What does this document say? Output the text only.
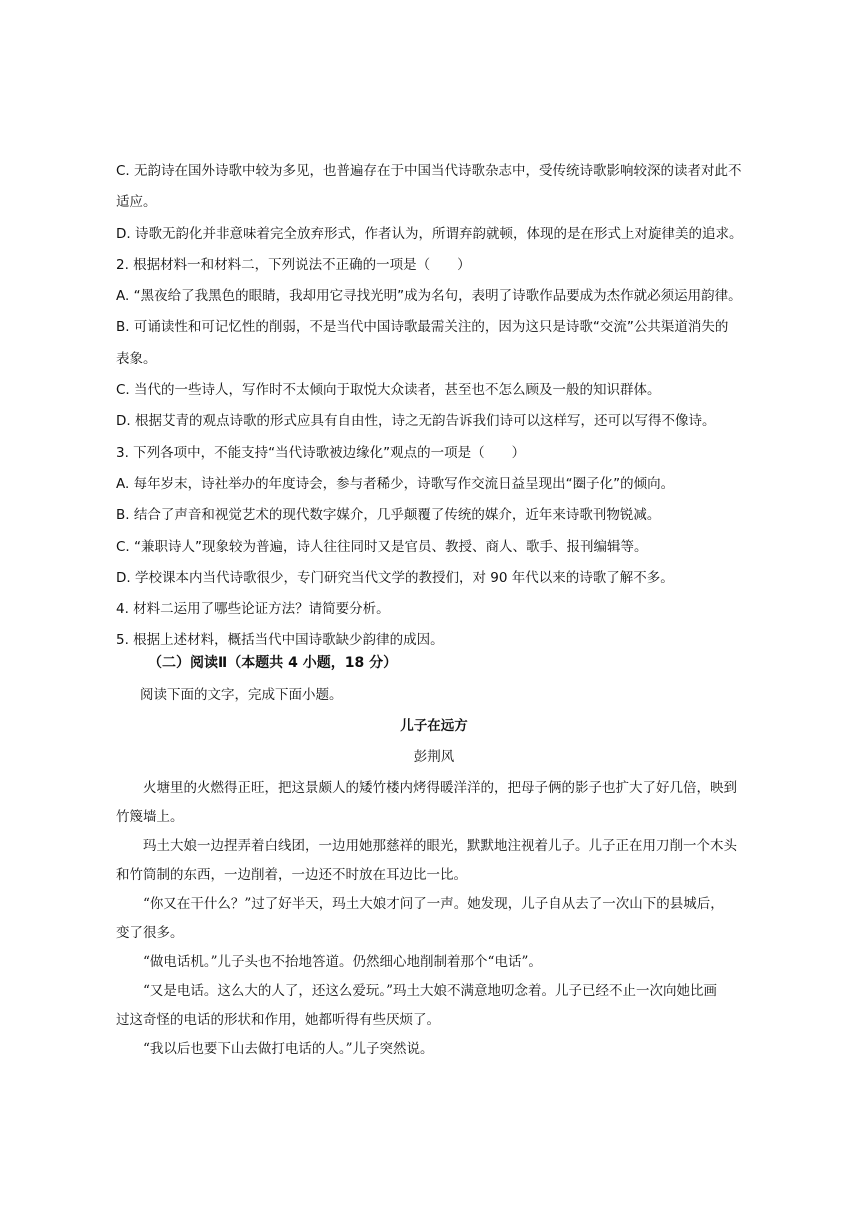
C. 无韵诗在国外诗歌中较为多见，也普遍存在于中国当代诗歌杂志中，受传统诗歌影响较深的读者对此不

适应。

D. 诗歌无韵化并非意味着完全放弃形式，作者认为，所谓弃韵就顿，体现的是在形式上对旋律美的追求。

2. 根据材料一和材料二，下列说法不正确的一项是（　　）

A. “黑夜给了我黑色的眼睛，我却用它寻找光明”成为名句，表明了诗歌作品要成为杰作就必须运用韵律。

B. 可诵读性和可记忆性的削弱，不是当代中国诗歌最需关注的，因为这只是诗歌“交流”公共渠道消失的

表象。

C. 当代的一些诗人，写作时不太倾向于取悦大众读者，甚至也不怎么顾及一般的知识群体。

D. 根据艾青的观点诗歌的形式应具有自由性，诗之无韵告诉我们诗可以这样写，还可以写得不像诗。

3. 下列各项中，不能支持“当代诗歌被边缘化”观点的一项是（　　）

A. 每年岁末，诗社举办的年度诗会，参与者稀少，诗歌写作交流日益呈现出“圈子化”的倾向。

B. 结合了声音和视觉艺术的现代数字媒介，几乎颠覆了传统的媒介，近年来诗歌刊物锐减。

C. “兼职诗人”现象较为普遍，诗人往往同时又是官员、教授、商人、歌手、报刊编辑等。

D. 学校课本内当代诗歌很少，专门研究当代文学的教授们，对 90 年代以来的诗歌了解不多。

4. 材料二运用了哪些论证方法？请简要分析。

5. 根据上述材料，概括当代中国诗歌缺少韵律的成因。

（二）阅读Ⅱ（本题共 4 小题，18 分）
阅读下面的文字，完成下面小题。
儿子在远方
彭荆风

火塘里的火燃得正旺，把这景颇人的矮竹楼内烤得暖洋洋的，把母子俩的影子也扩大了好几倍，映到

竹篾墙上。

玛土大娘一边捏弄着白线团，一边用她那慈祥的眼光，默默地注视着儿子。儿子正在用刀削一个木头

和竹筒制的东西，一边削着，一边还不时放在耳边比一比。

“你又在干什么？”过了好半天，玛土大娘才问了一声。她发现，儿子自从去了一次山下的县城后，

变了很多。

“做电话机。”儿子头也不抬地答道。仍然细心地削制着那个“电话”。

“又是电话。这么大的人了，还这么爱玩。”玛土大娘不满意地叨念着。儿子已经不止一次向她比画

过这奇怪的电话的形状和作用，她都听得有些厌烦了。

“我以后也要下山去做打电话的人。”儿子突然说。
